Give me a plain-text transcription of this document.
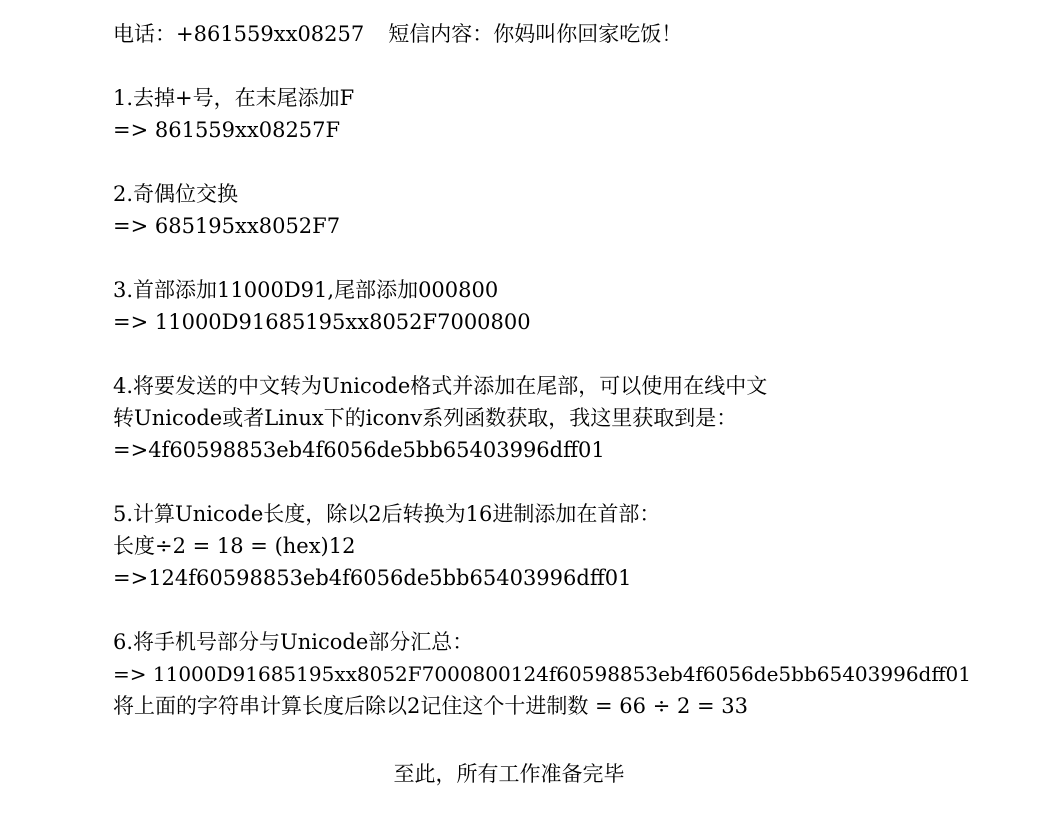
电话：+861559xx08257 短信内容：你妈叫你回家吃饭！
1.去掉+号，在末尾添加F
=> 861559xx08257F
2.奇偶位交换
=> 685195xx8052F7
3.首部添加11000D91,尾部添加000800
=> 11000D91685195xx8052F7000800
4.将要发送的中文转为Unicode格式并添加在尾部，可以使用在线中文
转Unicode或者Linux下的iconv系列函数获取，我这里获取到是：
=>4f60598853eb4f6056de5bb65403996dff01
5.计算Unicode长度，除以2后转换为16进制添加在首部：
长度÷2 = 18 = (hex)12
=>124f60598853eb4f6056de5bb65403996dff01
6.将手机号部分与Unicode部分汇总：
=> 11000D91685195xx8052F7000800124f60598853eb4f6056de5bb65403996dff01
将上面的字符串计算长度后除以2记住这个十进制数 = 66 ÷ 2 = 33
至此，所有工作准备完毕
